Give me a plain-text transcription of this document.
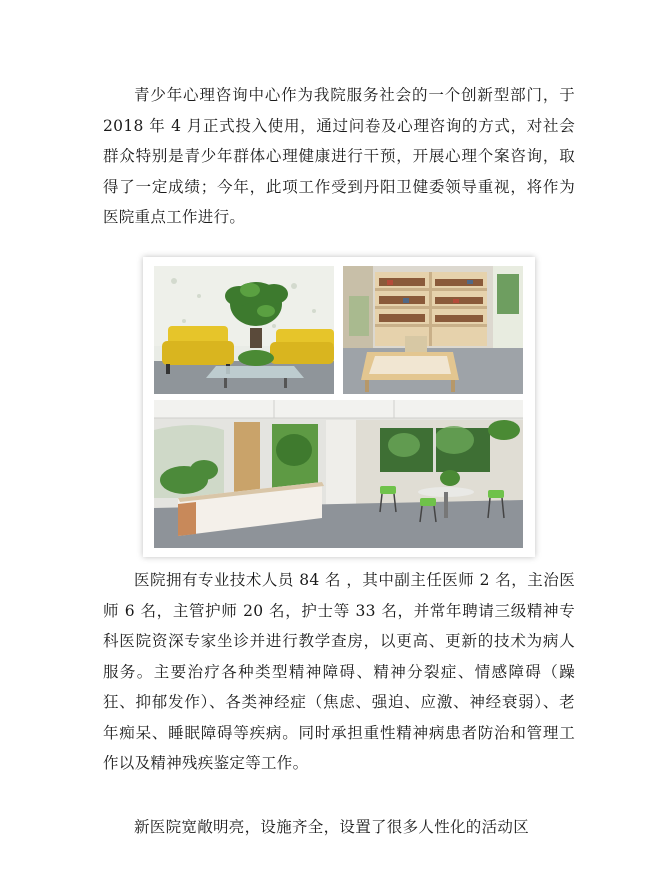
青少年心理咨询中心作为我院服务社会的一个创新型部门，于 2018 年 4 月正式投入使用，通过问卷及心理咨询的方式，对社会群众特别是青少年群体心理健康进行干预，开展心理个案咨询，取得了一定成绩；今年，此项工作受到丹阳卫健委领导重视，将作为医院重点工作进行。

医院拥有专业技术人员 84 名 ，其中副主任医师 2 名，主治医师 6 名，主管护师 20 名，护士等 33 名，并常年聘请三级精神专科医院资深专家坐诊并进行教学查房，以更高、更新的技术为病人服务。主要治疗各种类型精神障碍、精神分裂症、情感障碍（躁狂、抑郁发作）、各类神经症（焦虑、强迫、应激、神经衰弱）、老年痴呆、睡眠障碍等疾病。同时承担重性精神病患者防治和管理工作以及精神残疾鉴定等工作。

新医院宽敞明亮，设施齐全，设置了很多人性化的活动区
